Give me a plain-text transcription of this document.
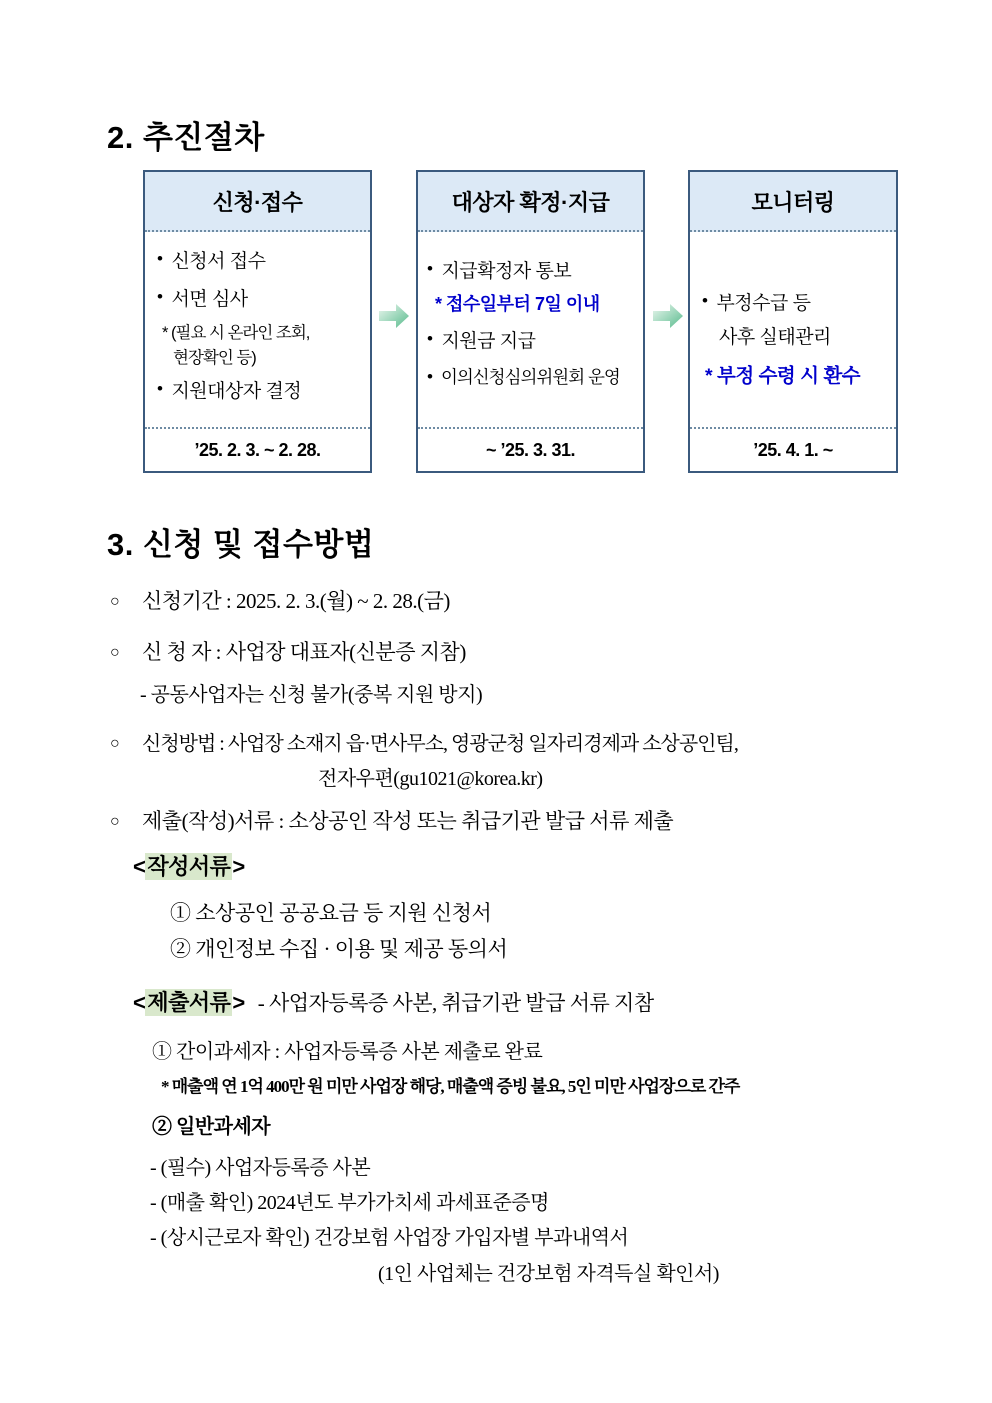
2. 추진절차
신청·접수
• 신청서 접수
• 서면 심사
* (필요 시 온라인 조회,
현장확인 등)
• 지원대상자 결정
’25. 2. 3. ~ 2. 28.
대상자 확정·지급
• 지급확정자 통보
* 접수일부터 7일 이내
• 지원금 지급
• 이의신청심의위원회 운영
~ ’25. 3. 31.
모니터링
• 부정수급 등
사후 실태관리
* 부정 수령 시 환수
’25. 4. 1. ~
3. 신청 및 접수방법
○ 신청기간 : 2025. 2. 3.(월) ~ 2. 28.(금)
○ 신 청 자 : 사업장 대표자(신분증 지참)
- 공동사업자는 신청 불가(중복 지원 방지)
○ 신청방법 : 사업장 소재지 읍·면사무소, 영광군청 일자리경제과 소상공인팀,
전자우편(gu1021@korea.kr)
○ 제출(작성)서류 : 소상공인 작성 또는 취급기관 발급 서류 제출
<작성서류>
① 소상공인 공공요금 등 지원 신청서
② 개인정보 수집 · 이용 및 제공 동의서
<제출서류> - 사업자등록증 사본, 취급기관 발급 서류 지참
① 간이과세자 : 사업자등록증 사본 제출로 완료
* 매출액 연 1억 400만 원 미만 사업장 해당, 매출액 증빙 불요, 5인 미만 사업장으로 간주
② 일반과세자
- (필수) 사업자등록증 사본
- (매출 확인) 2024년도 부가가치세 과세표준증명
- (상시근로자 확인) 건강보험 사업장 가입자별 부과내역서
(1인 사업체는 건강보험 자격득실 확인서)
